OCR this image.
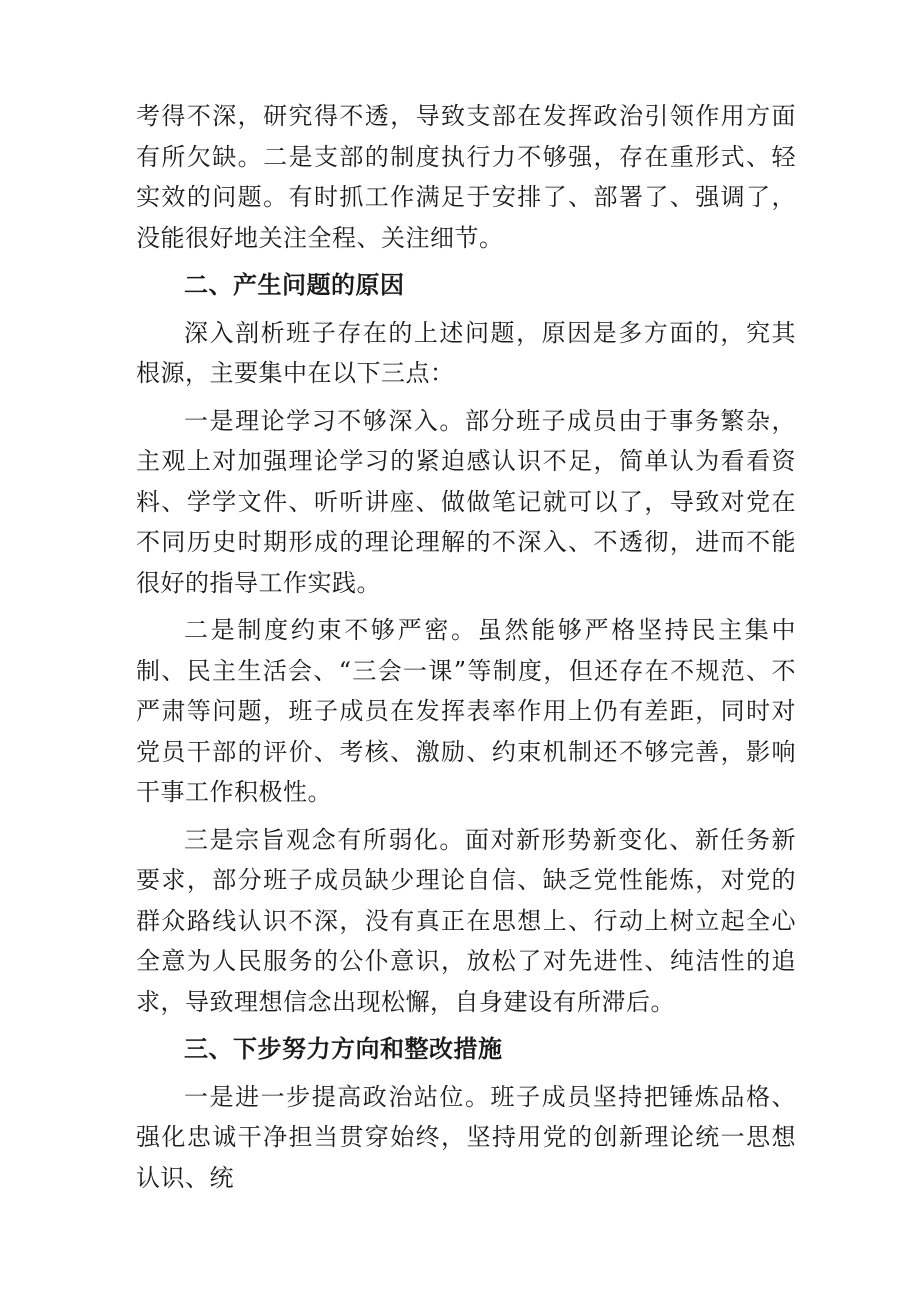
考得不深，研究得不透，导致支部在发挥政治引领作用方面有所欠缺。二是支部的制度执行力不够强，存在重形式、轻实效的问题。有时抓工作满足于安排了、部署了、强调了，没能很好地关注全程、关注细节。

二、产生问题的原因

深入剖析班子存在的上述问题，原因是多方面的，究其根源，主要集中在以下三点：

一是理论学习不够深入。部分班子成员由于事务繁杂，主观上对加强理论学习的紧迫感认识不足，简单认为看看资料、学学文件、听听讲座、做做笔记就可以了，导致对党在不同历史时期形成的理论理解的不深入、不透彻，进而不能很好的指导工作实践。

二是制度约束不够严密。虽然能够严格坚持民主集中制、民主生活会、“三会一课”等制度，但还存在不规范、不严肃等问题，班子成员在发挥表率作用上仍有差距，同时对党员干部的评价、考核、激励、约束机制还不够完善，影响干事工作积极性。

三是宗旨观念有所弱化。面对新形势新变化、新任务新要求，部分班子成员缺少理论自信、缺乏党性能炼，对党的群众路线认识不深，没有真正在思想上、行动上树立起全心全意为人民服务的公仆意识，放松了对先进性、纯洁性的追求，导致理想信念出现松懈，自身建设有所滞后。

三、下步努力方向和整改措施

一是进一步提高政治站位。班子成员坚持把锤炼品格、强化忠诚干净担当贯穿始终，坚持用党的创新理论统一思想认识、统
